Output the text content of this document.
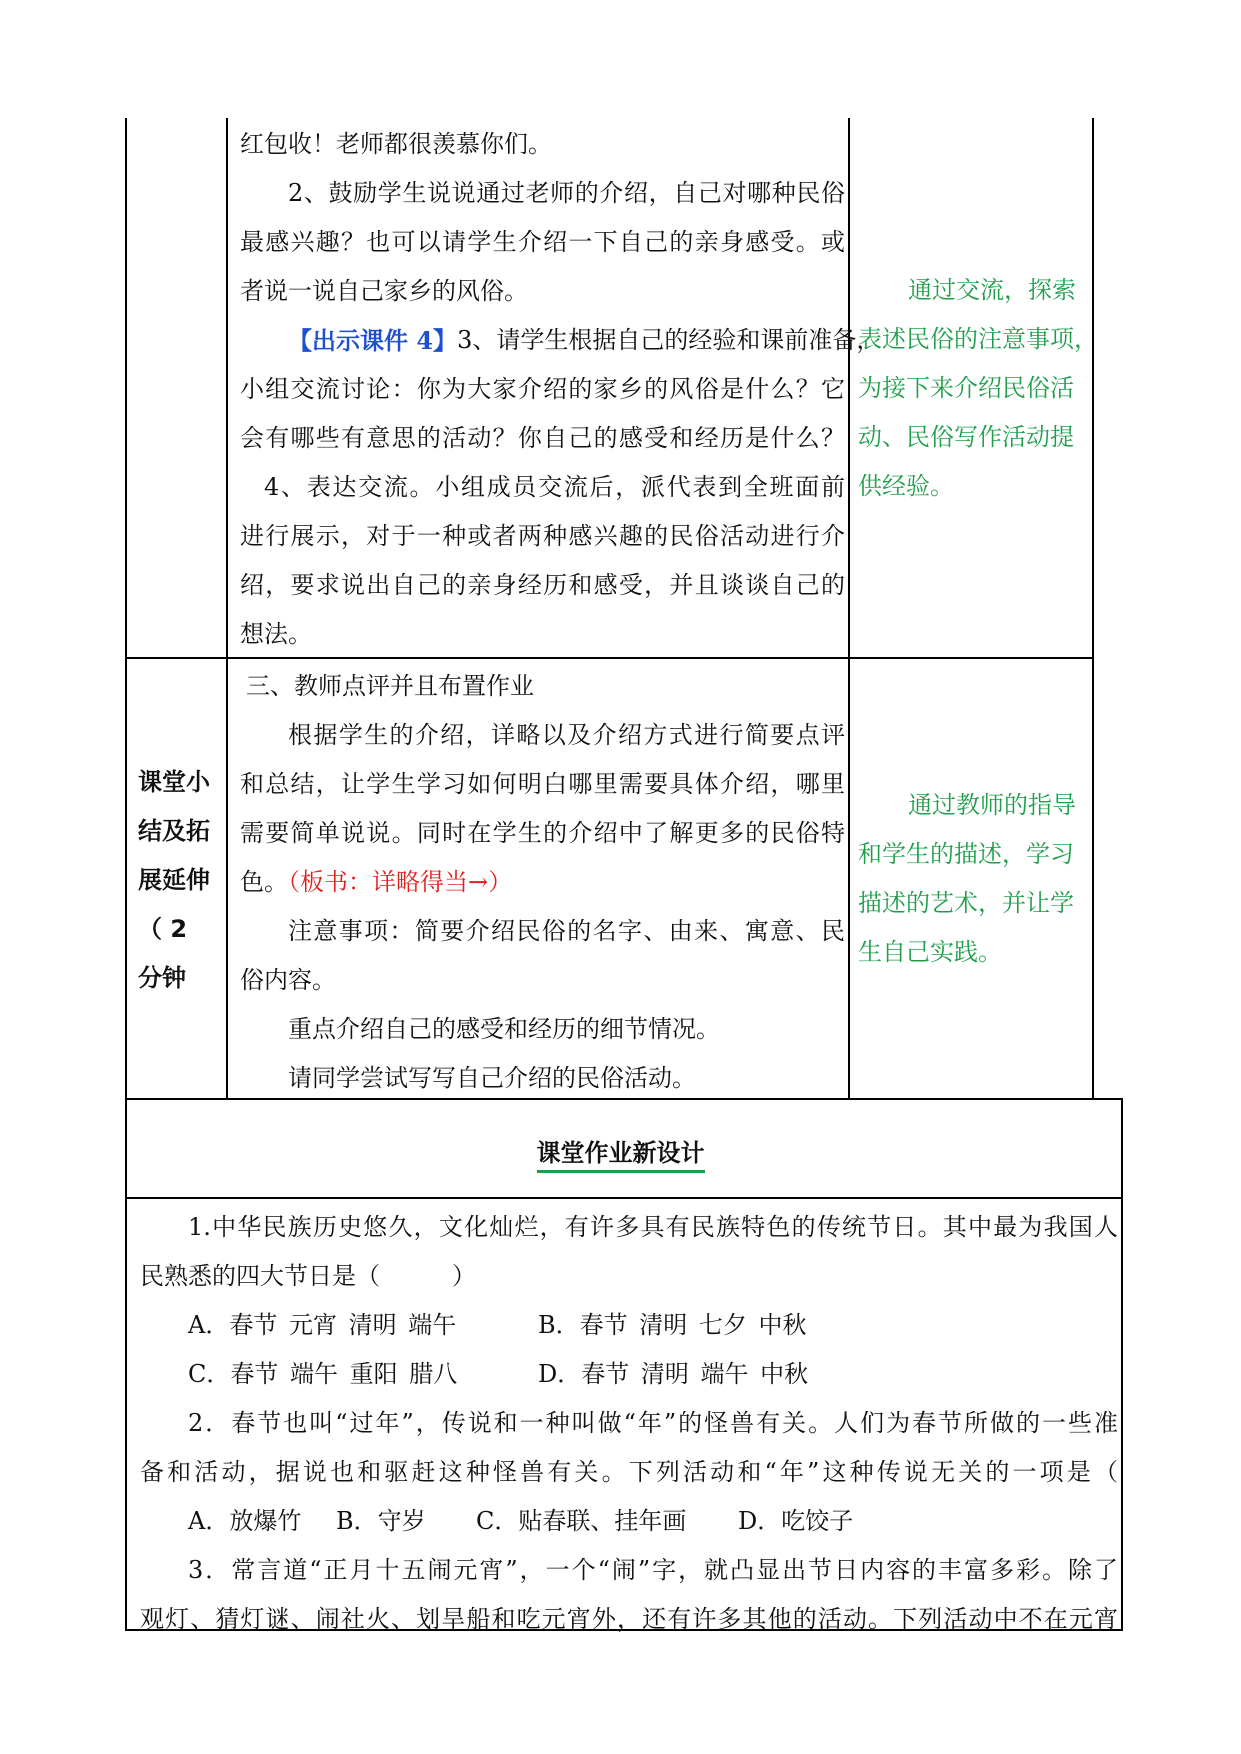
红包收！老师都很羡慕你们。
2、鼓励学生说说通过老师的介绍，自己对哪种民俗
最感兴趣？也可以请学生介绍一下自己的亲身感受。或
者说一说自己家乡的风俗。
【出示课件 4】 3、请学生根据自己的经验和课前准备，
小组交流讨论：你为大家介绍的家乡的风俗是什么？它
会有哪些有意思的活动？你自己的感受和经历是什么？
4、表达交流。小组成员交流后，派代表到全班面前
进行展示，对于一种或者两种感兴趣的民俗活动进行介
绍，要求说出自己的亲身经历和感受，并且谈谈自己的
想法。
通过交流，探索
表述民俗的注意事项，
为接下来介绍民俗活
动、民俗写作活动提
供经验。
课堂小
结及拓
展延伸
（ 2
分钟
三、教师点评并且布置作业
根据学生的介绍，详略以及介绍方式进行简要点评
和总结，让学生学习如何明白哪里需要具体介绍，哪里
需要简单说说。同时在学生的介绍中了解更多的民俗特
色。（板书：详略得当→）
注意事项：简要介绍民俗的名字、由来、寓意、民
俗内容。
重点介绍自己的感受和经历的细节情况。
请同学尝试写写自己介绍的民俗活动。
通过教师的指导
和学生的描述，学习
描述的艺术，并让学
生自己实践。
课堂作业新设计
1.中华民族历史悠久，文化灿烂，有许多具有民族特色的传统节日。其中最为我国人
民熟悉的四大节日是（　　　）
A．春节 元宵 清明 端午	B．春节 清明 七夕 中秋
C．春节 端午 重阳 腊八	D．春节 清明 端午 中秋
2．春节也叫“过年”，传说和一种叫做“年”的怪兽有关。人们为春节所做的一些准
备和活动，据说也和驱赶这种怪兽有关。下列活动和“年”这种传说无关的一项是（
A．放爆竹 B．守岁 C．贴春联、挂年画 D．吃饺子
3．常言道“正月十五闹元宵”，一个“闹”字，就凸显出节日内容的丰富多彩。除了
观灯、猜灯谜、闹社火、划旱船和吃元宵外，还有许多其他的活动。下列活动中不在元宵
